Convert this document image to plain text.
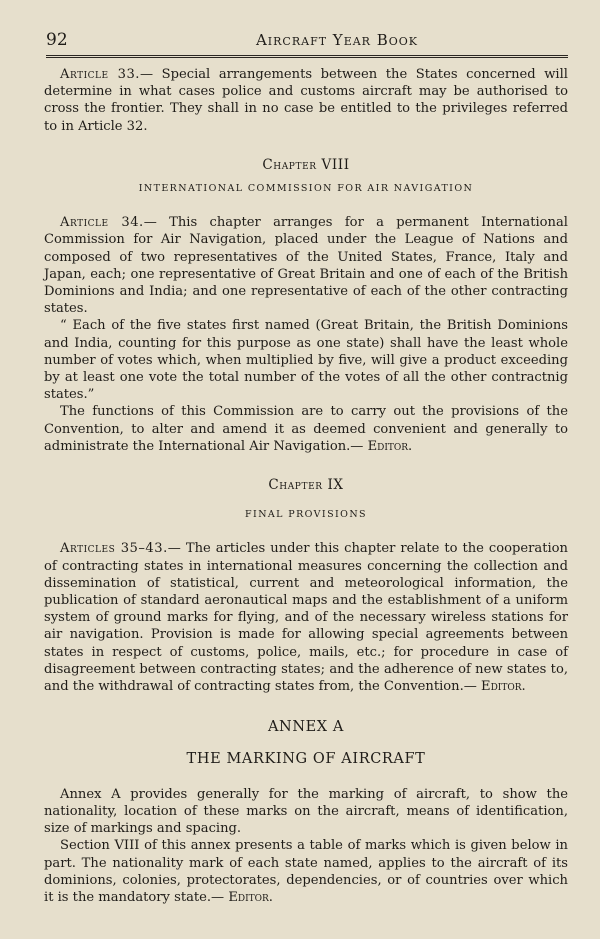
92	Aircraft Year Book

Article 33.— Special arrangements between the States concerned will determine in what cases police and customs aircraft may be authorised to cross the frontier. They shall in no case be entitled to the privileges referred to in Article 32.

Chapter VIII
INTERNATIONAL COMMISSION FOR AIR NAVIGATION

Article 34.— This chapter arranges for a permanent International Commission for Air Navigation, placed under the League of Nations and composed of two representatives of the United States, France, Italy and Japan, each; one representative of Great Britain and one of each of the British Dominions and India; and one representative of each of the other contracting states.

“ Each of the five states first named (Great Britain, the British Dominions and India, counting for this purpose as one state) shall have the least whole number of votes which, when multiplied by five, will give a product exceeding by at least one vote the total number of the votes of all the other contractnig states.”

The functions of this Commission are to carry out the provisions of the Convention, to alter and amend it as deemed convenient and generally to administrate the International Air Navigation.— Editor.

Chapter IX
FINAL PROVISIONS

Articles 35–43.— The articles under this chapter relate to the cooperation of contracting states in international measures concerning the collection and dissemination of statistical, current and meteorological information, the publication of standard aeronautical maps and the establishment of a uniform system of ground marks for flying, and of the necessary wireless stations for air navigation. Provision is made for allowing special agreements between states in respect of customs, police, mails, etc.; for procedure in case of disagreement between contracting states; and the adherence of new states to, and the withdrawal of contracting states from, the Convention.— Editor.

ANNEX A
THE MARKING OF AIRCRAFT

Annex A provides generally for the marking of aircraft, to show the nationality, location of these marks on the aircraft, means of identification, size of markings and spacing.

Section VIII of this annex presents a table of marks which is given below in part. The nationality mark of each state named, applies to the aircraft of its dominions, colonies, protectorates, dependencies, or of countries over which it is the mandatory state.— Editor.
